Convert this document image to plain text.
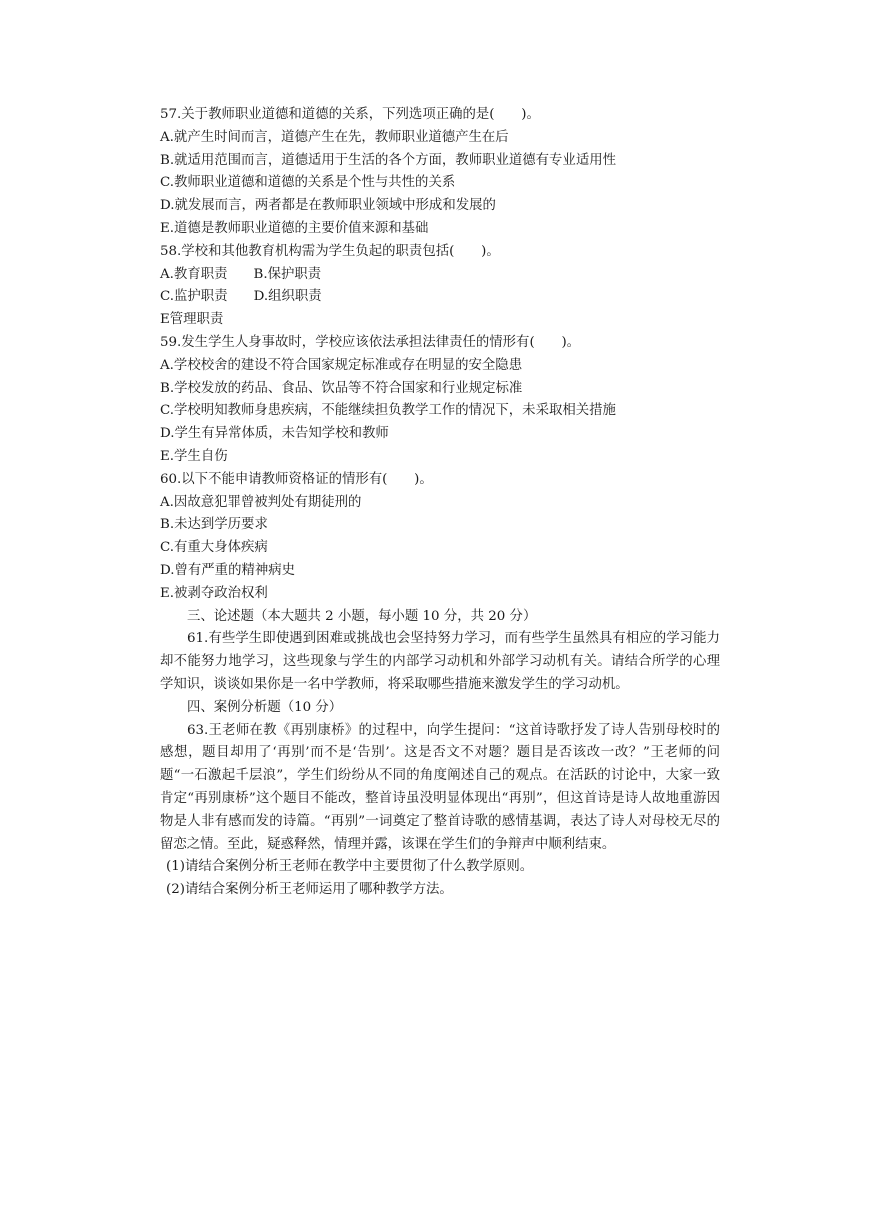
57.关于教师职业道德和道德的关系，下列选项正确的是(　　)。
A.就产生时间而言，道德产生在先，教师职业道德产生在后
B.就适用范围而言，道德适用于生活的各个方面，教师职业道德有专业适用性
C.教师职业道德和道德的关系是个性与共性的关系
D.就发展而言，两者都是在教师职业领域中形成和发展的
E.道德是教师职业道德的主要价值来源和基础
58.学校和其他教育机构需为学生负起的职责包括(　　)。
A.教育职责 B.保护职责
C.监护职责 D.组织职责
E管理职责
59.发生学生人身事故时，学校应该依法承担法律责任的情形有(　　)。
A.学校校舍的建设不符合国家规定标准或存在明显的安全隐患
B.学校发放的药品、食品、饮品等不符合国家和行业规定标准
C.学校明知教师身患疾病，不能继续担负教学工作的情况下，未采取相关措施
D.学生有异常体质，未告知学校和教师
E.学生自伤
60.以下不能申请教师资格证的情形有(　　)。
A.因故意犯罪曾被判处有期徒刑的
B.未达到学历要求
C.有重大身体疾病
D.曾有严重的精神病史
E.被剥夺政治权利
三、论述题（本大题共 2 小题，每小题 10 分，共 20 分）

61.有些学生即使遇到困难或挑战也会坚持努力学习，而有些学生虽然具有相应的学习能力却不能努力地学习，这些现象与学生的内部学习动机和外部学习动机有关。请结合所学的心理学知识，谈谈如果你是一名中学教师，将采取哪些措施来激发学生的学习动机。

四、案例分析题（10 分）

63.王老师在教《再别康桥》的过程中，向学生提问：“这首诗歌抒发了诗人告别母校时的感想，题目却用了‘再别’而不是‘告别’。这是否文不对题？题目是否该改一改？”王老师的问题“一石激起千层浪”，学生们纷纷从不同的角度阐述自己的观点。在活跃的讨论中，大家一致肯定“再别康桥”这个题目不能改，整首诗虽没明显体现出“再别”，但这首诗是诗人故地重游因物是人非有感而发的诗篇。“再别”一词奠定了整首诗歌的感情基调，表达了诗人对母校无尽的留恋之情。至此，疑惑释然，情理并露，该课在学生们的争辩声中顺利结束。

(1)请结合案例分析王老师在教学中主要贯彻了什么教学原则。
(2)请结合案例分析王老师运用了哪种教学方法。
